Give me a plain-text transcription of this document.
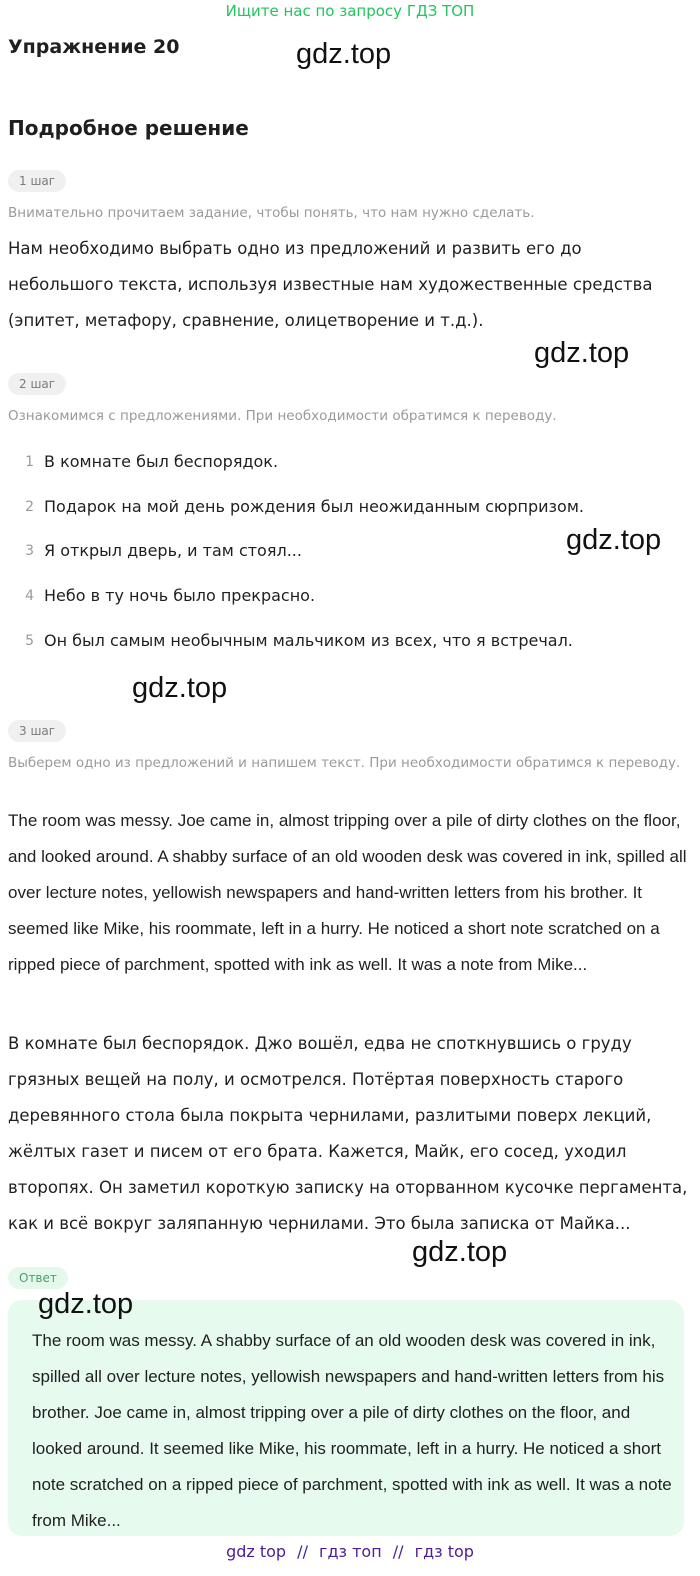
Ищите нас по запросу ГДЗ ТОП
Упражнение 20	gdz.top
Подробное решение
1 шаг
Внимательно прочитаем задание, чтобы понять, что нам нужно сделать.
Нам необходимо выбрать одно из предложений и развить его до небольшого текста, используя известные нам художественные средства (эпитет, метафору, сравнение, олицетворение и т.д.).
gdz.top
2 шаг
Ознакомимся с предложениями. При необходимости обратимся к переводу.
1 В комнате был беспорядок.
2 Подарок на мой день рождения был неожиданным сюрпризом.
3 Я открыл дверь, и там стоял...
4 Небо в ту ночь было прекрасно.
5 Он был самым необычным мальчиком из всех, что я встречал.
gdz.top
gdz.top
3 шаг
Выберем одно из предложений и напишем текст. При необходимости обратимся к переводу.
The room was messy. Joe came in, almost tripping over a pile of dirty clothes on the floor, and looked around. A shabby surface of an old wooden desk was covered in ink, spilled all over lecture notes, yellowish newspapers and hand-written letters from his brother. It seemed like Mike, his roommate, left in a hurry. He noticed a short note scratched on a ripped piece of parchment, spotted with ink as well. It was a note from Mike...
В комнате был беспорядок. Джо вошёл, едва не споткнувшись о груду грязных вещей на полу, и осмотрелся. Потёртая поверхность старого деревянного стола была покрыта чернилами, разлитыми поверх лекций, жёлтых газет и писем от его брата. Кажется, Майк, его сосед, уходил второпях. Он заметил короткую записку на оторванном кусочке пергамента, как и всё вокруг заляпанную чернилами. Это была записка от Майка...
gdz.top
Ответ
The room was messy. A shabby surface of an old wooden desk was covered in ink, spilled all over lecture notes, yellowish newspapers and hand-written letters from his brother. Joe came in, almost tripping over a pile of dirty clothes on the floor, and looked around. It seemed like Mike, his roommate, left in a hurry. He noticed a short note scratched on a ripped piece of parchment, spotted with ink as well. It was a note from Mike...
gdz.top
gdz top // гдз топ // гдз top
